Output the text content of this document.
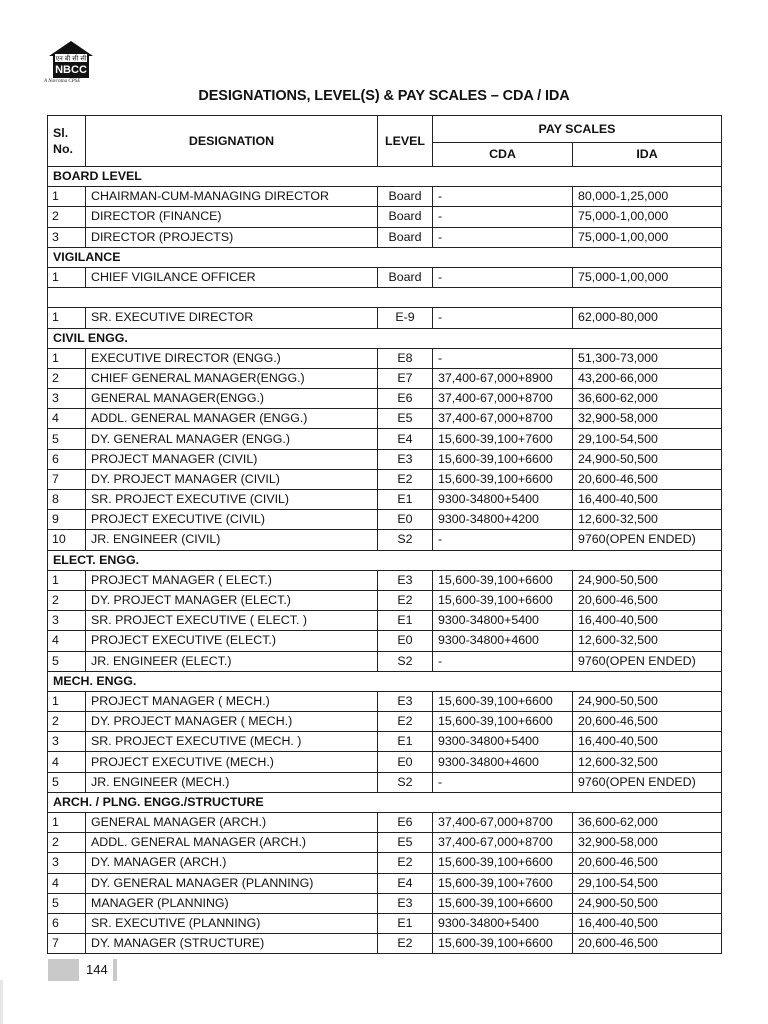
एन बी सी सी
NBCC
A Navratna CPSE
DESIGNATIONS, LEVEL(S) & PAY SCALES – CDA / IDA
Sl. No.	DESIGNATION	LEVEL	PAY SCALES	
			CDA	IDA
BOARD LEVEL				
1	CHAIRMAN-CUM-MANAGING DIRECTOR	Board	-	80,000-1,25,000
2	DIRECTOR (FINANCE)	Board	-	75,000-1,00,000
3	DIRECTOR (PROJECTS)	Board	-	75,000-1,00,000
VIGILANCE				
1	CHIEF VIGILANCE OFFICER	Board	-	75,000-1,00,000

1	SR. EXECUTIVE DIRECTOR	E-9	-	62,000-80,000
CIVIL ENGG.				
1	EXECUTIVE DIRECTOR (ENGG.)	E8	-	51,300-73,000
2	CHIEF GENERAL MANAGER(ENGG.)	E7	37,400-67,000+8900	43,200-66,000
3	GENERAL MANAGER(ENGG.)	E6	37,400-67,000+8700	36,600-62,000
4	ADDL. GENERAL MANAGER (ENGG.)	E5	37,400-67,000+8700	32,900-58,000
5	DY. GENERAL MANAGER (ENGG.)	E4	15,600-39,100+7600	29,100-54,500
6	PROJECT MANAGER (CIVIL)	E3	15,600-39,100+6600	24,900-50,500
7	DY. PROJECT MANAGER (CIVIL)	E2	15,600-39,100+6600	20,600-46,500
8	SR. PROJECT EXECUTIVE (CIVIL)	E1	9300-34800+5400	16,400-40,500
9	PROJECT EXECUTIVE (CIVIL)	E0	9300-34800+4200	12,600-32,500
10	JR. ENGINEER (CIVIL)	S2	-	9760(OPEN ENDED)
ELECT. ENGG.				
1	PROJECT MANAGER ( ELECT.)	E3	15,600-39,100+6600	24,900-50,500
2	DY. PROJECT MANAGER (ELECT.)	E2	15,600-39,100+6600	20,600-46,500
3	SR. PROJECT EXECUTIVE ( ELECT. )	E1	9300-34800+5400	16,400-40,500
4	PROJECT EXECUTIVE (ELECT.)	E0	9300-34800+4600	12,600-32,500
5	JR. ENGINEER (ELECT.)	S2	-	9760(OPEN ENDED)
MECH. ENGG.				
1	PROJECT MANAGER ( MECH.)	E3	15,600-39,100+6600	24,900-50,500
2	DY. PROJECT MANAGER ( MECH.)	E2	15,600-39,100+6600	20,600-46,500
3	SR. PROJECT EXECUTIVE (MECH. )	E1	9300-34800+5400	16,400-40,500
4	PROJECT EXECUTIVE (MECH.)	E0	9300-34800+4600	12,600-32,500
5	JR. ENGINEER (MECH.)	S2	-	9760(OPEN ENDED)
ARCH. / PLNG. ENGG./STRUCTURE				
1	GENERAL MANAGER (ARCH.)	E6	37,400-67,000+8700	36,600-62,000
2	ADDL. GENERAL MANAGER (ARCH.)	E5	37,400-67,000+8700	32,900-58,000
3	DY. MANAGER (ARCH.)	E2	15,600-39,100+6600	20,600-46,500
4	DY. GENERAL MANAGER (PLANNING)	E4	15,600-39,100+7600	29,100-54,500
5	MANAGER (PLANNING)	E3	15,600-39,100+6600	24,900-50,500
6	SR. EXECUTIVE (PLANNING)	E1	9300-34800+5400	16,400-40,500
7	DY. MANAGER (STRUCTURE)	E2	15,600-39,100+6600	20,600-46,500
144
